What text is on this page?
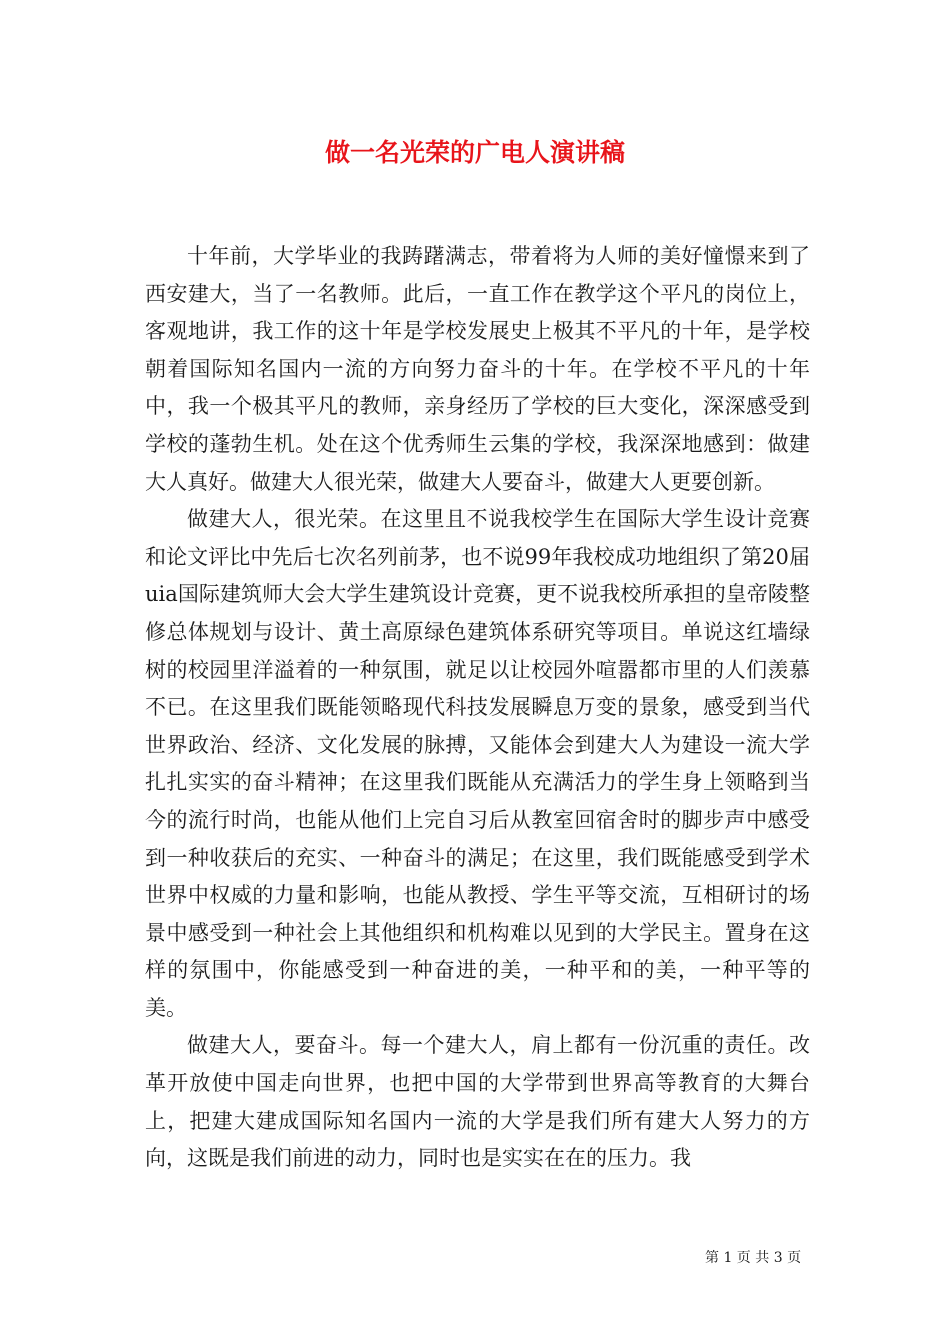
做一名光荣的广电人演讲稿

十年前，大学毕业的我踌躇满志，带着将为人师的美好憧憬来到了西安建大，当了一名教师。此后，一直工作在教学这个平凡的岗位上，客观地讲，我工作的这十年是学校发展史上极其不平凡的十年，是学校朝着国际知名国内一流的方向努力奋斗的十年。在学校不平凡的十年中，我一个极其平凡的教师，亲身经历了学校的巨大变化，深深感受到学校的蓬勃生机。处在这个优秀师生云集的学校，我深深地感到：做建大人真好。做建大人很光荣，做建大人要奋斗，做建大人更要创新。

做建大人，很光荣。在这里且不说我校学生在国际大学生设计竞赛和论文评比中先后七次名列前茅，也不说99年我校成功地组织了第20届uia国际建筑师大会大学生建筑设计竞赛，更不说我校所承担的皇帝陵整修总体规划与设计、黄土高原绿色建筑体系研究等项目。单说这红墙绿树的校园里洋溢着的一种氛围，就足以让校园外喧嚣都市里的人们羡慕不已。在这里我们既能领略现代科技发展瞬息万变的景象，感受到当代世界政治、经济、文化发展的脉搏，又能体会到建大人为建设一流大学扎扎实实的奋斗精神；在这里我们既能从充满活力的学生身上领略到当今的流行时尚，也能从他们上完自习后从教室回宿舍时的脚步声中感受到一种收获后的充实、一种奋斗的满足；在这里，我们既能感受到学术世界中权威的力量和影响，也能从教授、学生平等交流，互相研讨的场景中感受到一种社会上其他组织和机构难以见到的大学民主。置身在这样的氛围中，你能感受到一种奋进的美，一种平和的美，一种平等的美。

做建大人，要奋斗。每一个建大人，肩上都有一份沉重的责任。改革开放使中国走向世界，也把中国的大学带到世界高等教育的大舞台上，把建大建成国际知名国内一流的大学是我们所有建大人努力的方向，这既是我们前进的动力，同时也是实实在在的压力。我

第 1 页 共 3 页
